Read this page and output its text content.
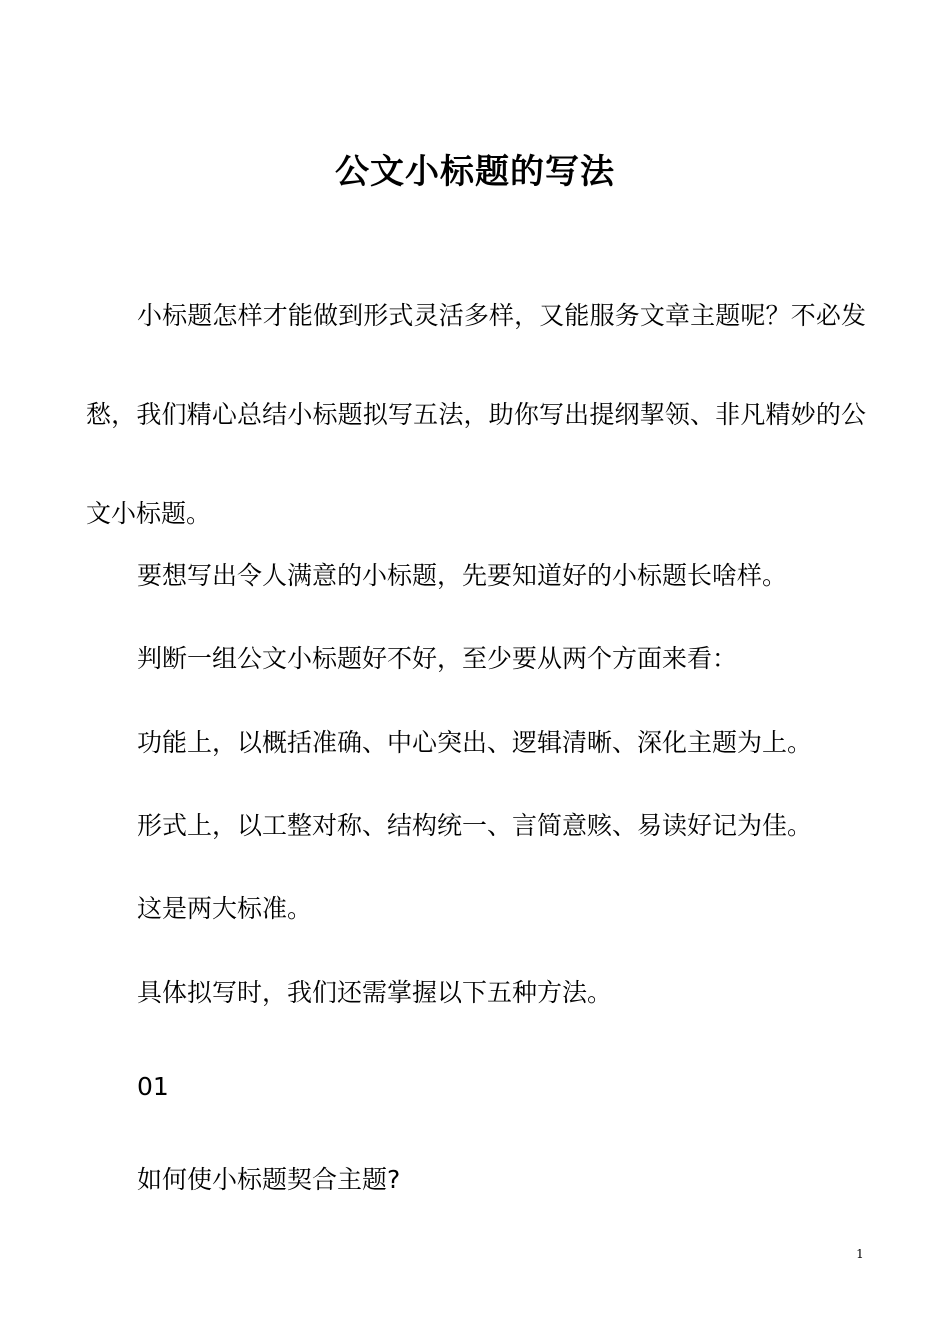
公文小标题的写法

小标题怎样才能做到形式灵活多样，又能服务文章主题呢？不必发愁，我们精心总结小标题拟写五法，助你写出提纲挈领、非凡精妙的公文小标题。

要想写出令人满意的小标题，先要知道好的小标题长啥样。

判断一组公文小标题好不好，至少要从两个方面来看：

功能上，以概括准确、中心突出、逻辑清晰、深化主题为上。

形式上，以工整对称、结构统一、言简意赅、易读好记为佳。

这是两大标准。

具体拟写时，我们还需掌握以下五种方法。

01

如何使小标题契合主题?

1
